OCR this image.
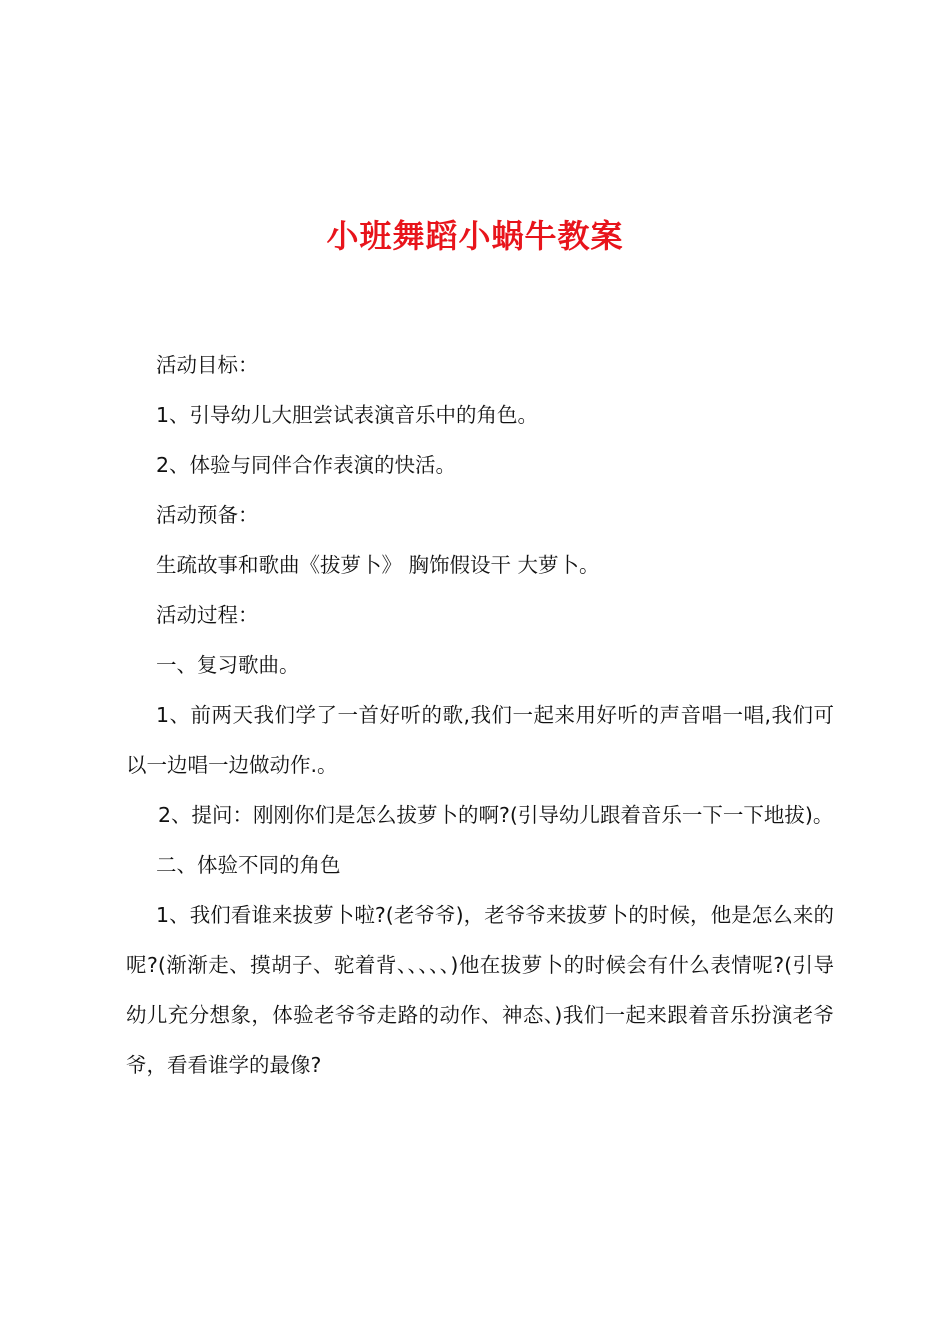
小班舞蹈小蜗牛教案

活动目标：

1、引导幼儿大胆尝试表演音乐中的角色。

2、体验与同伴合作表演的快活。

活动预备：

生疏故事和歌曲《拔萝卜》 胸饰假设干 大萝卜。

活动过程：

一、复习歌曲。

1、前两天我们学了一首好听的歌,我们一起来用好听的声音唱一唱,我们可以一边唱一边做动作.。

2、提问：刚刚你们是怎么拔萝卜的啊?(引导幼儿跟着音乐一下一下地拔)。

二、体验不同的角色

1、我们看谁来拔萝卜啦?(老爷爷)，老爷爷来拔萝卜的时候，他是怎么来的呢?(渐渐走、摸胡子、驼着背、、、、、)他在拔萝卜的时候会有什么表情呢?(引导幼儿充分想象，体验老爷爷走路的动作、神态、)我们一起来跟着音乐扮演老爷爷，看看谁学的最像?
